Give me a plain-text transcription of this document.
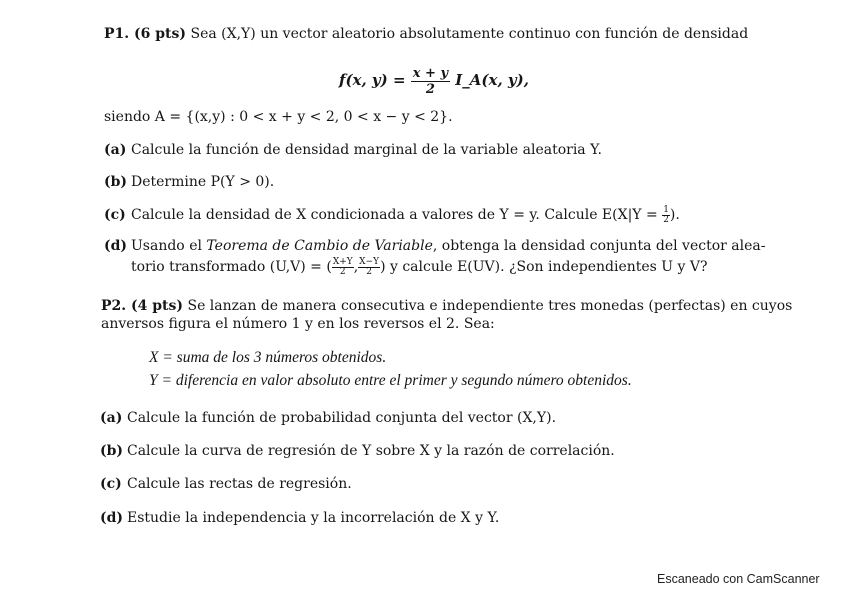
P1. (6 pts) Sea (X,Y) un vector aleatorio absolutamente continuo con función de densidad
f(x, $y) = \frac{x + y}{2}$ I_A(x, y),
siendo A = {(x,y) : 0 < x + y < 2, 0 < x − y < 2}.
(a) Calcule la función de densidad marginal de la variable aleatoria Y.
(b) Determine P(Y > 0).
(c) Calcule la densidad de X condicionada a valores de Y = y. Calcule $E(X|Y = \frac{1}{2}$ ).
(d) Usando el Teorema de Cambio de Variable, obtenga la densidad conjunta del vector alea-
torio transformado (U,V) = ( $\frac{X+Y}{2}$ , $\frac{X-Y}{2}$ ) y calcule E(UV). ¿Son independientes U y V?
P2. (4 pts) Se lanzan de manera consecutiva e independiente tres monedas (perfectas) en cuyos
anversos figura el número 1 y en los reversos el 2. Sea:
X = suma de los 3 números obtenidos.
Y = diferencia en valor absoluto entre el primer y segundo número obtenidos.
(a) Calcule la función de probabilidad conjunta del vector (X,Y).
(b) Calcule la curva de regresión de Y sobre X y la razón de correlación.
(c) Calcule las rectas de regresión.
(d) Estudie la independencia y la incorrelación de X y Y.
Escaneado con CamScanner
